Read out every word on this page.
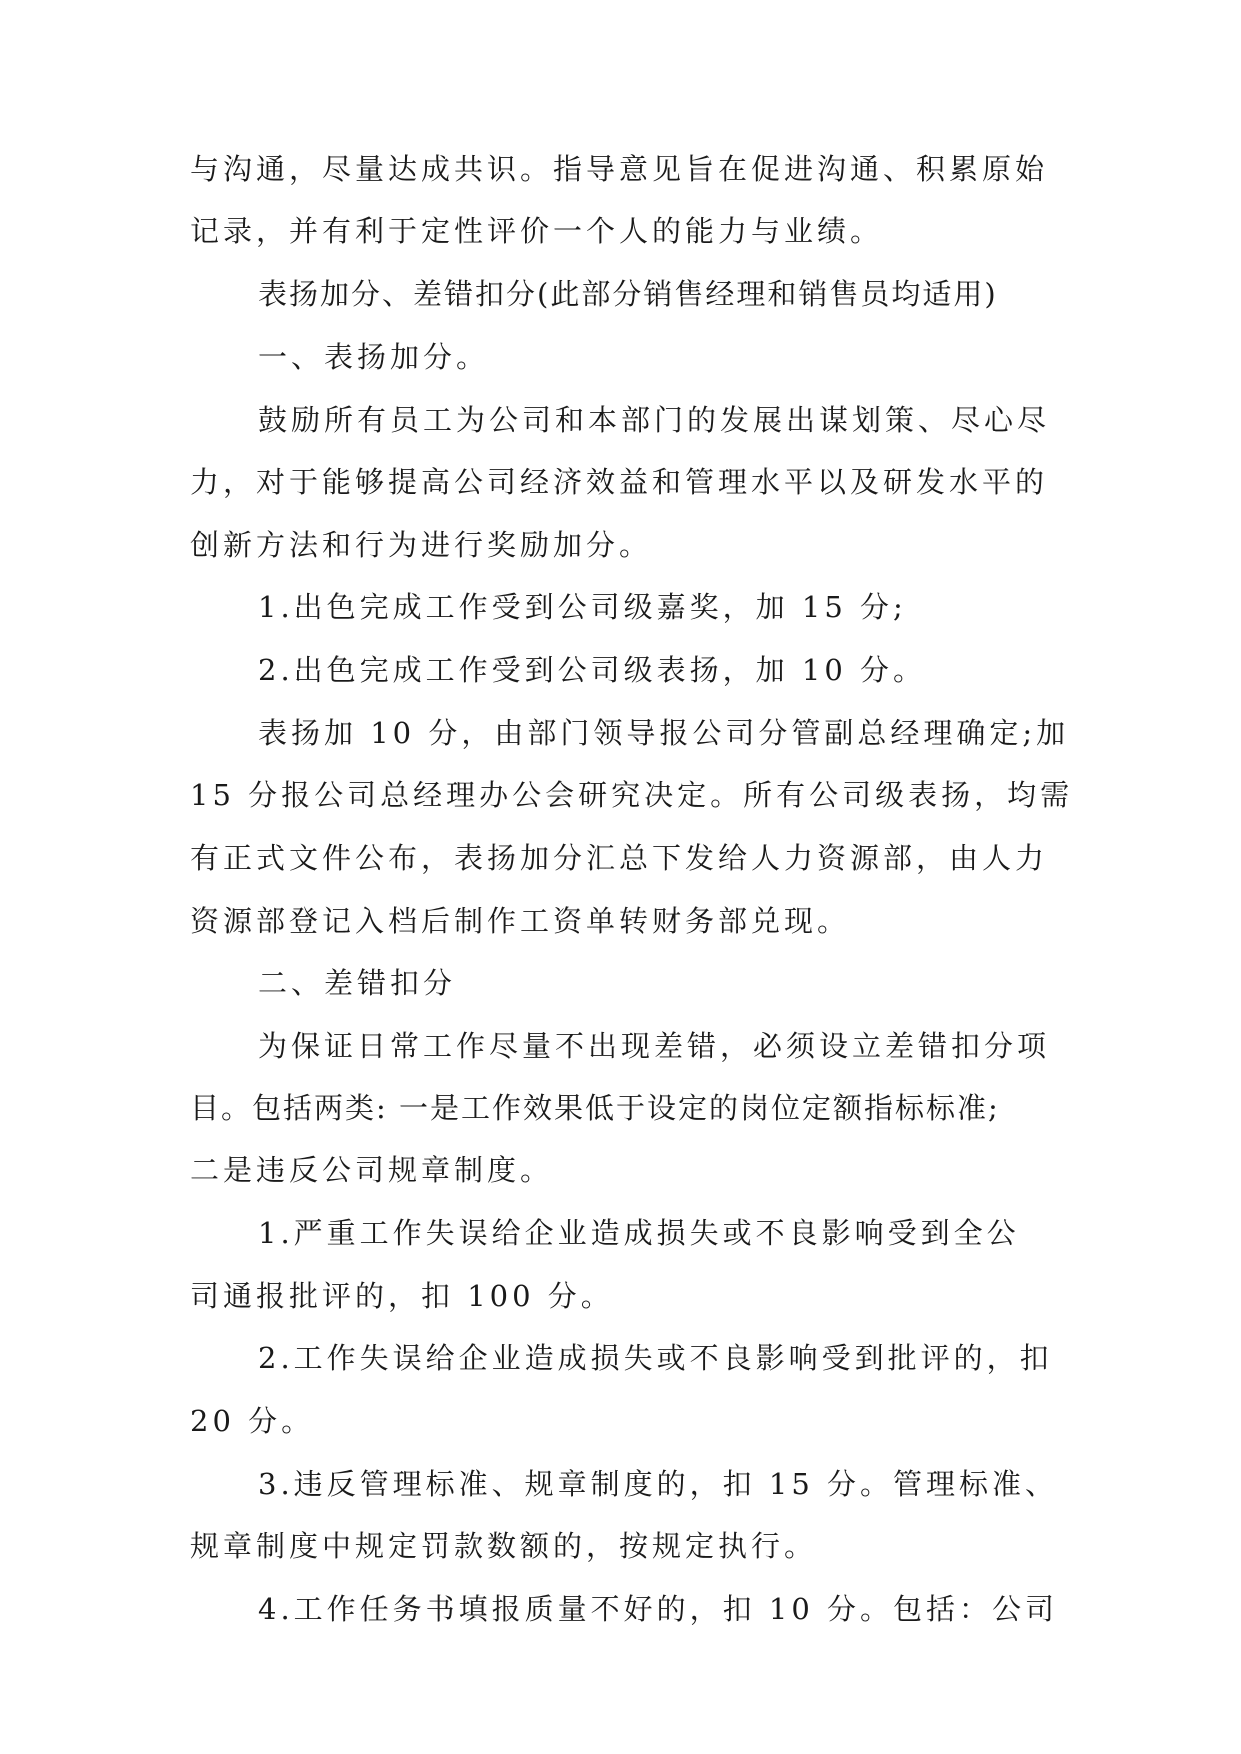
与沟通，尽量达成共识。指导意见旨在促进沟通、积累原始
记录，并有利于定性评价一个人的能力与业绩。
表扬加分、差错扣分(此部分销售经理和销售员均适用)
一、表扬加分。
鼓励所有员工为公司和本部门的发展出谋划策、尽心尽
力，对于能够提高公司经济效益和管理水平以及研发水平的
创新方法和行为进行奖励加分。
1.出色完成工作受到公司级嘉奖，加 15 分;
2.出色完成工作受到公司级表扬，加 10 分。
表扬加 10 分，由部门领导报公司分管副总经理确定;加
15 分报公司总经理办公会研究决定。所有公司级表扬，均需
有正式文件公布，表扬加分汇总下发给人力资源部，由人力
资源部登记入档后制作工资单转财务部兑现。
二、差错扣分
为保证日常工作尽量不出现差错，必须设立差错扣分项
目。包括两类: 一是工作效果低于设定的岗位定额指标标准;
二是违反公司规章制度。
1.严重工作失误给企业造成损失或不良影响受到全公
司通报批评的，扣 100 分。
2.工作失误给企业造成损失或不良影响受到批评的，扣
20 分。
3.违反管理标准、规章制度的，扣 15 分。管理标准、
规章制度中规定罚款数额的，按规定执行。
4.工作任务书填报质量不好的，扣 10 分。包括：公司
